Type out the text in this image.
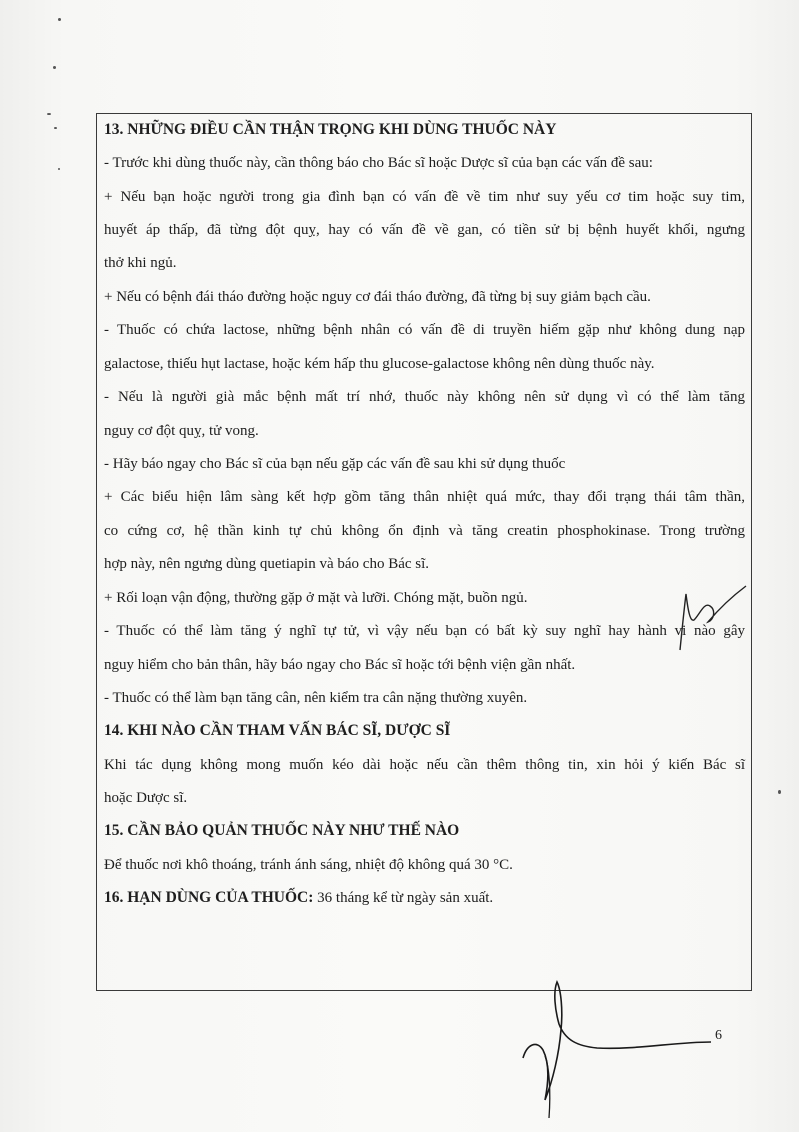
13. NHỮNG ĐIỀU CẦN THẬN TRỌNG KHI DÙNG THUỐC NÀY
- Trước khi dùng thuốc này, cần thông báo cho Bác sĩ hoặc Dược sĩ của bạn các vấn đề sau:
+ Nếu bạn hoặc người trong gia đình bạn có vấn đề về tim như suy yếu cơ tim hoặc suy tim,
huyết áp thấp, đã từng đột quỵ, hay có vấn đề về gan, có tiền sử bị bệnh huyết khối, ngưng
thở khi ngủ.
+ Nếu có bệnh đái tháo đường hoặc nguy cơ đái tháo đường, đã từng bị suy giảm bạch cầu.
- Thuốc có chứa lactose, những bệnh nhân có vấn đề di truyền hiếm gặp như không dung nạp
galactose, thiếu hụt lactase, hoặc kém hấp thu glucose-galactose không nên dùng thuốc này.
- Nếu là người già mắc bệnh mất trí nhớ, thuốc này không nên sử dụng vì có thể làm tăng
nguy cơ đột quỵ, tử vong.
- Hãy báo ngay cho Bác sĩ của bạn nếu gặp các vấn đề sau khi sử dụng thuốc
+ Các biểu hiện lâm sàng kết hợp gồm tăng thân nhiệt quá mức, thay đổi trạng thái tâm thần,
co cứng cơ, hệ thần kinh tự chủ không ổn định và tăng creatin phosphokinase. Trong trường
hợp này, nên ngưng dùng quetiapin và báo cho Bác sĩ.
+ Rối loạn vận động, thường gặp ở mặt và lưỡi. Chóng mặt, buồn ngủ.
- Thuốc có thể làm tăng ý nghĩ tự tử, vì vậy nếu bạn có bất kỳ suy nghĩ hay hành vi nào gây
nguy hiểm cho bản thân, hãy báo ngay cho Bác sĩ hoặc tới bệnh viện gần nhất.
- Thuốc có thể làm bạn tăng cân, nên kiểm tra cân nặng thường xuyên.
14. KHI NÀO CẦN THAM VẤN BÁC SĨ, DƯỢC SĨ
Khi tác dụng không mong muốn kéo dài hoặc nếu cần thêm thông tin, xin hỏi ý kiến Bác sĩ
hoặc Dược sĩ.
15. CẦN BẢO QUẢN THUỐC NÀY NHƯ THẾ NÀO
Để thuốc nơi khô thoáng, tránh ánh sáng, nhiệt độ không quá 30 °C.
16. HẠN DÙNG CỦA THUỐC: 36 tháng kể từ ngày sản xuất.
6
